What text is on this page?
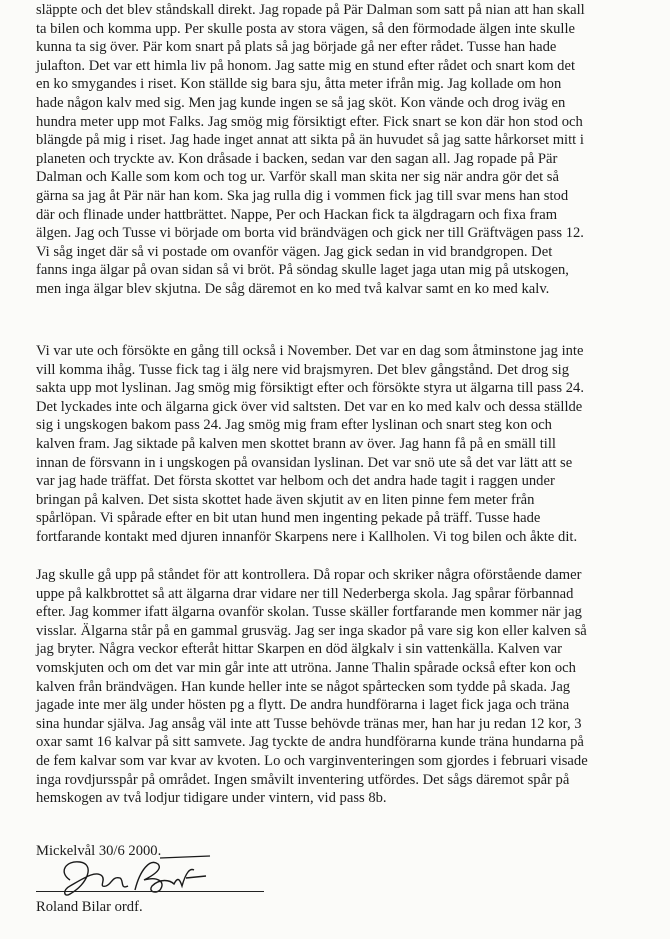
släppte och det blev ståndskall direkt. Jag ropade på Pär Dalman som satt på nian att han skall
ta bilen och komma upp. Per skulle posta av stora vägen, så den förmodade älgen inte skulle
kunna ta sig över. Pär kom snart på plats så jag började gå ner efter rådet. Tusse han hade
julafton. Det var ett himla liv på honom. Jag satte mig en stund efter rådet och snart kom det
en ko smygandes i riset. Kon ställde sig bara sju, åtta meter ifrån mig. Jag kollade om hon
hade någon kalv med sig. Men jag kunde ingen se så jag sköt. Kon vände och drog iväg en
hundra meter upp mot Falks. Jag smög mig försiktigt efter. Fick snart se kon där hon stod och
blängde på mig i riset. Jag hade inget annat att sikta på än huvudet så jag satte hårkorset mitt i
planeten och tryckte av. Kon dråsade i backen, sedan var den sagan all. Jag ropade på Pär
Dalman och Kalle som kom och tog ur. Varför skall man skita ner sig när andra gör det så
gärna sa jag åt Pär när han kom. Ska jag rulla dig i vommen fick jag till svar mens han stod
där och flinade under hattbrättet. Nappe, Per och Hackan fick ta älgdragarn och fixa fram
älgen. Jag och Tusse vi började om borta vid brändvägen och gick ner till Gräftvägen pass 12.
Vi såg inget där så vi postade om ovanför vägen. Jag gick sedan in vid brandgropen. Det
fanns inga älgar på ovan sidan så vi bröt. På söndag skulle laget jaga utan mig på utskogen,
men inga älgar blev skjutna. De såg däremot en ko med två kalvar samt en ko med kalv.
Vi var ute och försökte en gång till också i November. Det var en dag som åtminstone jag inte
vill komma ihåg. Tusse fick tag i älg nere vid brajsmyren. Det blev gångstånd. Det drog sig
sakta upp mot lyslinan. Jag smög mig försiktigt efter och försökte styra ut älgarna till pass 24.
Det lyckades inte och älgarna gick över vid saltsten. Det var en ko med kalv och dessa ställde
sig i ungskogen bakom pass 24. Jag smög mig fram efter lyslinan och snart steg kon och
kalven fram. Jag siktade på kalven men skottet brann av över. Jag hann få på en smäll till
innan de försvann in i ungskogen på ovansidan lyslinan. Det var snö ute så det var lätt att se
var jag hade träffat. Det första skottet var helbom och det andra hade tagit i raggen under
bringan på kalven. Det sista skottet hade även skjutit av en liten pinne fem meter från
spårlöpan. Vi spårade efter en bit utan hund men ingenting pekade på träff. Tusse hade
fortfarande kontakt med djuren innanför Skarpens nere i Kallholen. Vi tog bilen och åkte dit.
Jag skulle gå upp på ståndet för att kontrollera. Då ropar och skriker några oförstående damer
uppe på kalkbrottet så att älgarna drar vidare ner till Nederberga skola. Jag spårar förbannad
efter. Jag kommer ifatt älgarna ovanför skolan. Tusse skäller fortfarande men kommer när jag
visslar. Älgarna står på en gammal grusväg. Jag ser inga skador på vare sig kon eller kalven så
jag bryter. Några veckor efteråt hittar Skarpen en död älgkalv i sin vattenkälla. Kalven var
vomskjuten och om det var min går inte att utröna. Janne Thalin spårade också efter kon och
kalven från brändvägen. Han kunde heller inte se något spårtecken som tydde på skada. Jag
jagade inte mer älg under hösten pg a flytt. De andra hundförarna i laget fick jaga och träna
sina hundar själva. Jag ansåg väl inte att Tusse behövde tränas mer, han har ju redan 12 kor, 3
oxar samt 16 kalvar på sitt samvete. Jag tyckte de andra hundförarna kunde träna hundarna på
de fem kalvar som var kvar av kvoten. Lo och varginventeringen som gjordes i februari visade
inga rovdjursspår på området. Ingen småvilt inventering utfördes. Det sågs däremot spår på
hemskogen av två lodjur tidigare under vintern, vid pass 8b.
Mickelvål 30/6 2000.
Roland Bilar ordf.
